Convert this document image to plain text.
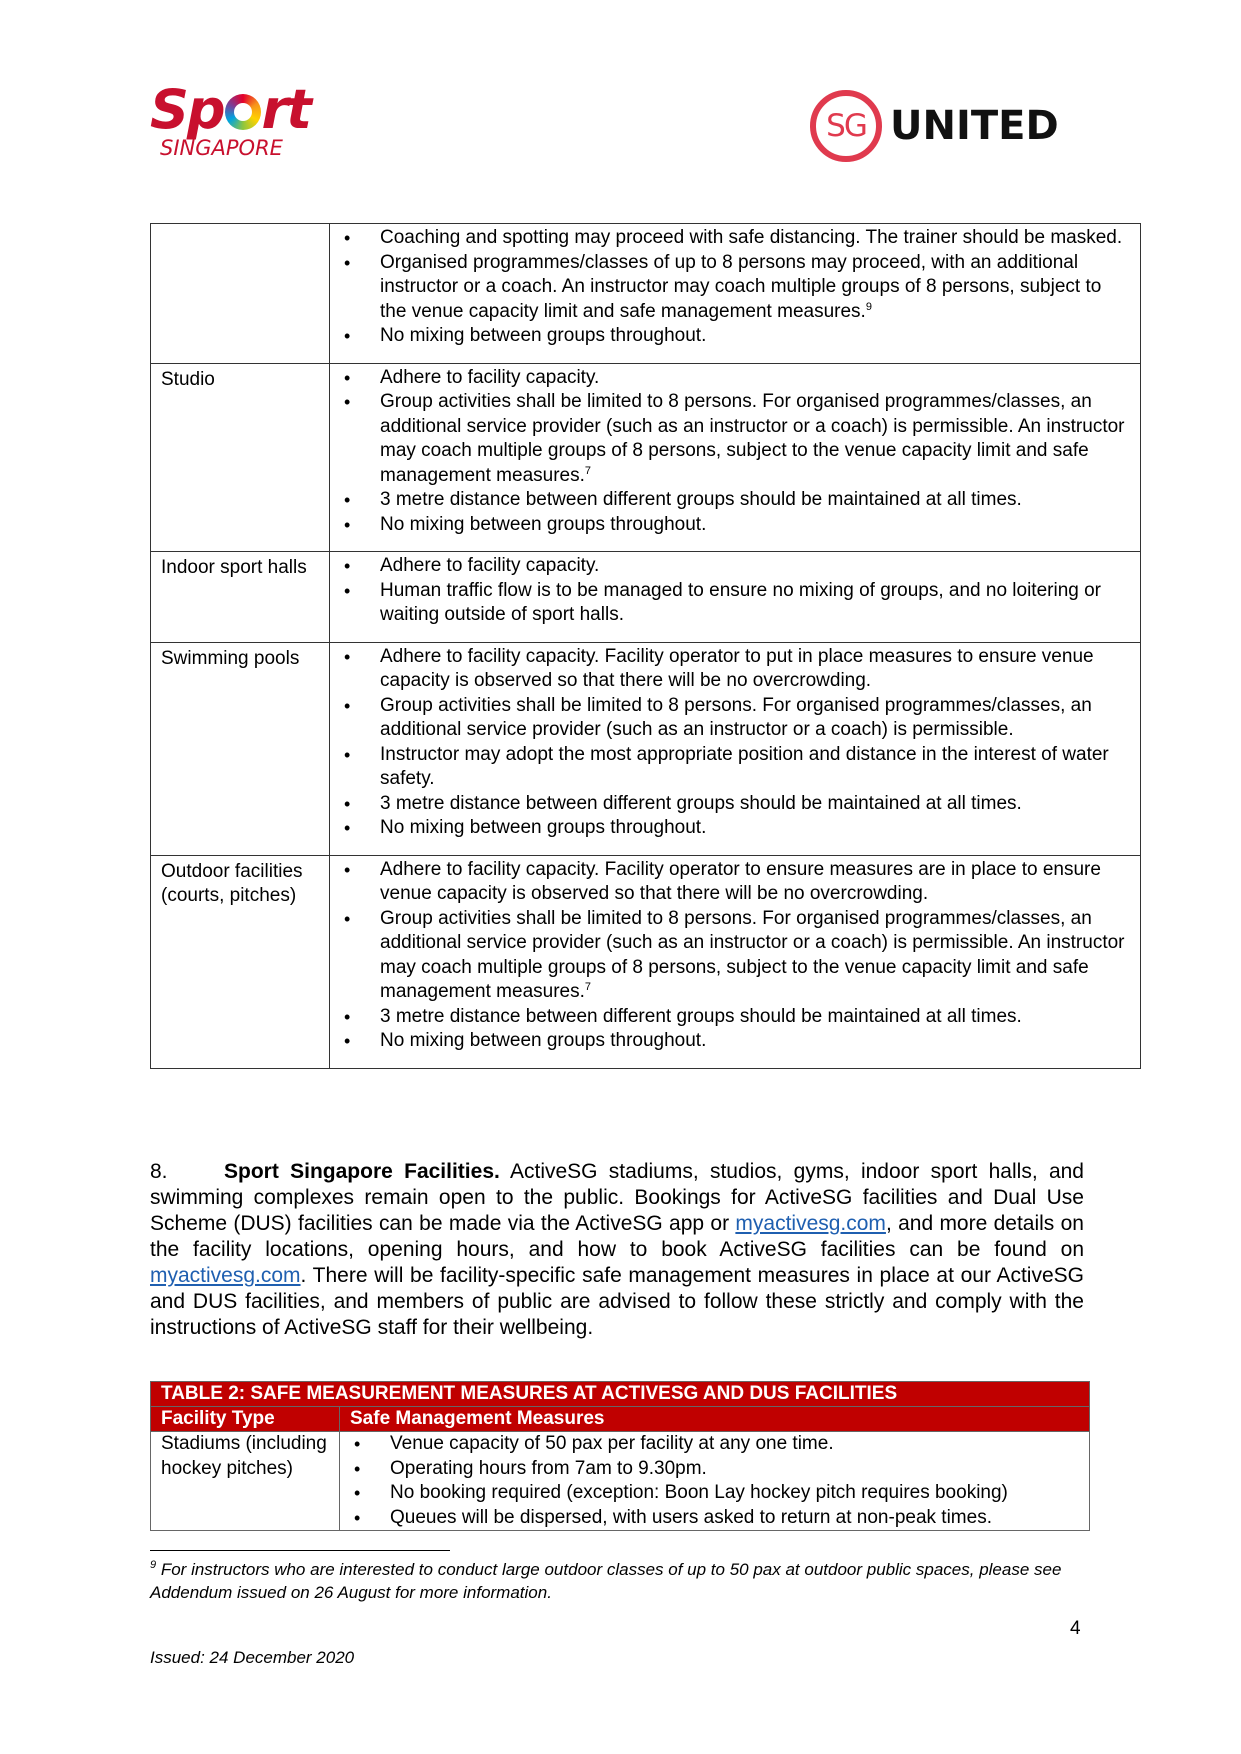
Sp rt
SINGAPORE
SG UNITED

• Coaching and spotting may proceed with safe distancing. The trainer should be masked.
• Organised programmes/classes of up to 8 persons may proceed, with an additional instructor or a coach. An instructor may coach multiple groups of 8 persons, subject to the venue capacity limit and safe management measures.$^9$
• No mixing between groups throughout.

Studio	
•Adhere to facility capacity.
• Group activities shall be limited to 8 persons. For organised programmes/classes, an additional service provider (such as an instructor or a coach) is permissible. An instructor may coach multiple groups of 8 persons, subject to the venue capacity limit and safe management measures.$^7$
• 3 metre distance between different groups should be maintained at all times.
• No mixing between groups throughout.

Indoor sport halls	
•Adhere to facility capacity.
• Human traffic flow is to be managed to ensure no mixing of groups, and no loitering or waiting outside of sport halls.

Swimming pools	
•Adhere to facility capacity. Facility operator to put in place measures to ensure venue capacity is observed so that there will be no overcrowding.
• Group activities shall be limited to 8 persons. For organised programmes/classes, an additional service provider (such as an instructor or a coach) is permissible.
• Instructor may adopt the most appropriate position and distance in the interest of water safety.
• 3 metre distance between different groups should be maintained at all times.
• No mixing between groups throughout.

Outdoor facilities (courts, pitches)	
• Adhere to facility capacity. Facility operator to ensure measures are in place to ensure venue capacity is observed so that there will be no overcrowding.
• Group activities shall be limited to 8 persons. For organised programmes/classes, an additional service provider (such as an instructor or a coach) is permissible. An instructor may coach multiple groups of 8 persons, subject to the venue capacity limit and safe management measures.$^7$
• 3 metre distance between different groups should be maintained at all times.
• No mixing between groups throughout.
8.	Sport Singapore Facilities. ActiveSG stadiums, studios, gyms, indoor sport halls, and swimming complexes remain open to the public. Bookings for ActiveSG facilities and Dual Use Scheme (DUS) facilities can be made via the ActiveSG app or myactivesg.com, and more details on the facility locations, opening hours, and how to book ActiveSG facilities can be found on myactivesg.com. There will be facility-specific safe management measures in place at our ActiveSG and DUS facilities, and members of public are advised to follow these strictly and comply with the instructions of ActiveSG staff for their wellbeing.
TABLE 2: SAFE MEASUREMENT MEASURES AT ACTIVESG AND DUS FACILITIES	
Facility Type	Safe Management Measures
Stadiums (including hockey pitches)	
• Venue capacity of 50 pax per facility at any one time.
• Operating hours from 7am to 9.30pm.
• No booking required (exception: Boon Lay hockey pitch requires booking)
• Queues will be dispersed, with users asked to return at non-peak times.
$^9$ For instructors who are interested to conduct large outdoor classes of up to 50 pax at outdoor public spaces, please see Addendum issued on 26 August for more information.
4
Issued: 24 December 2020
